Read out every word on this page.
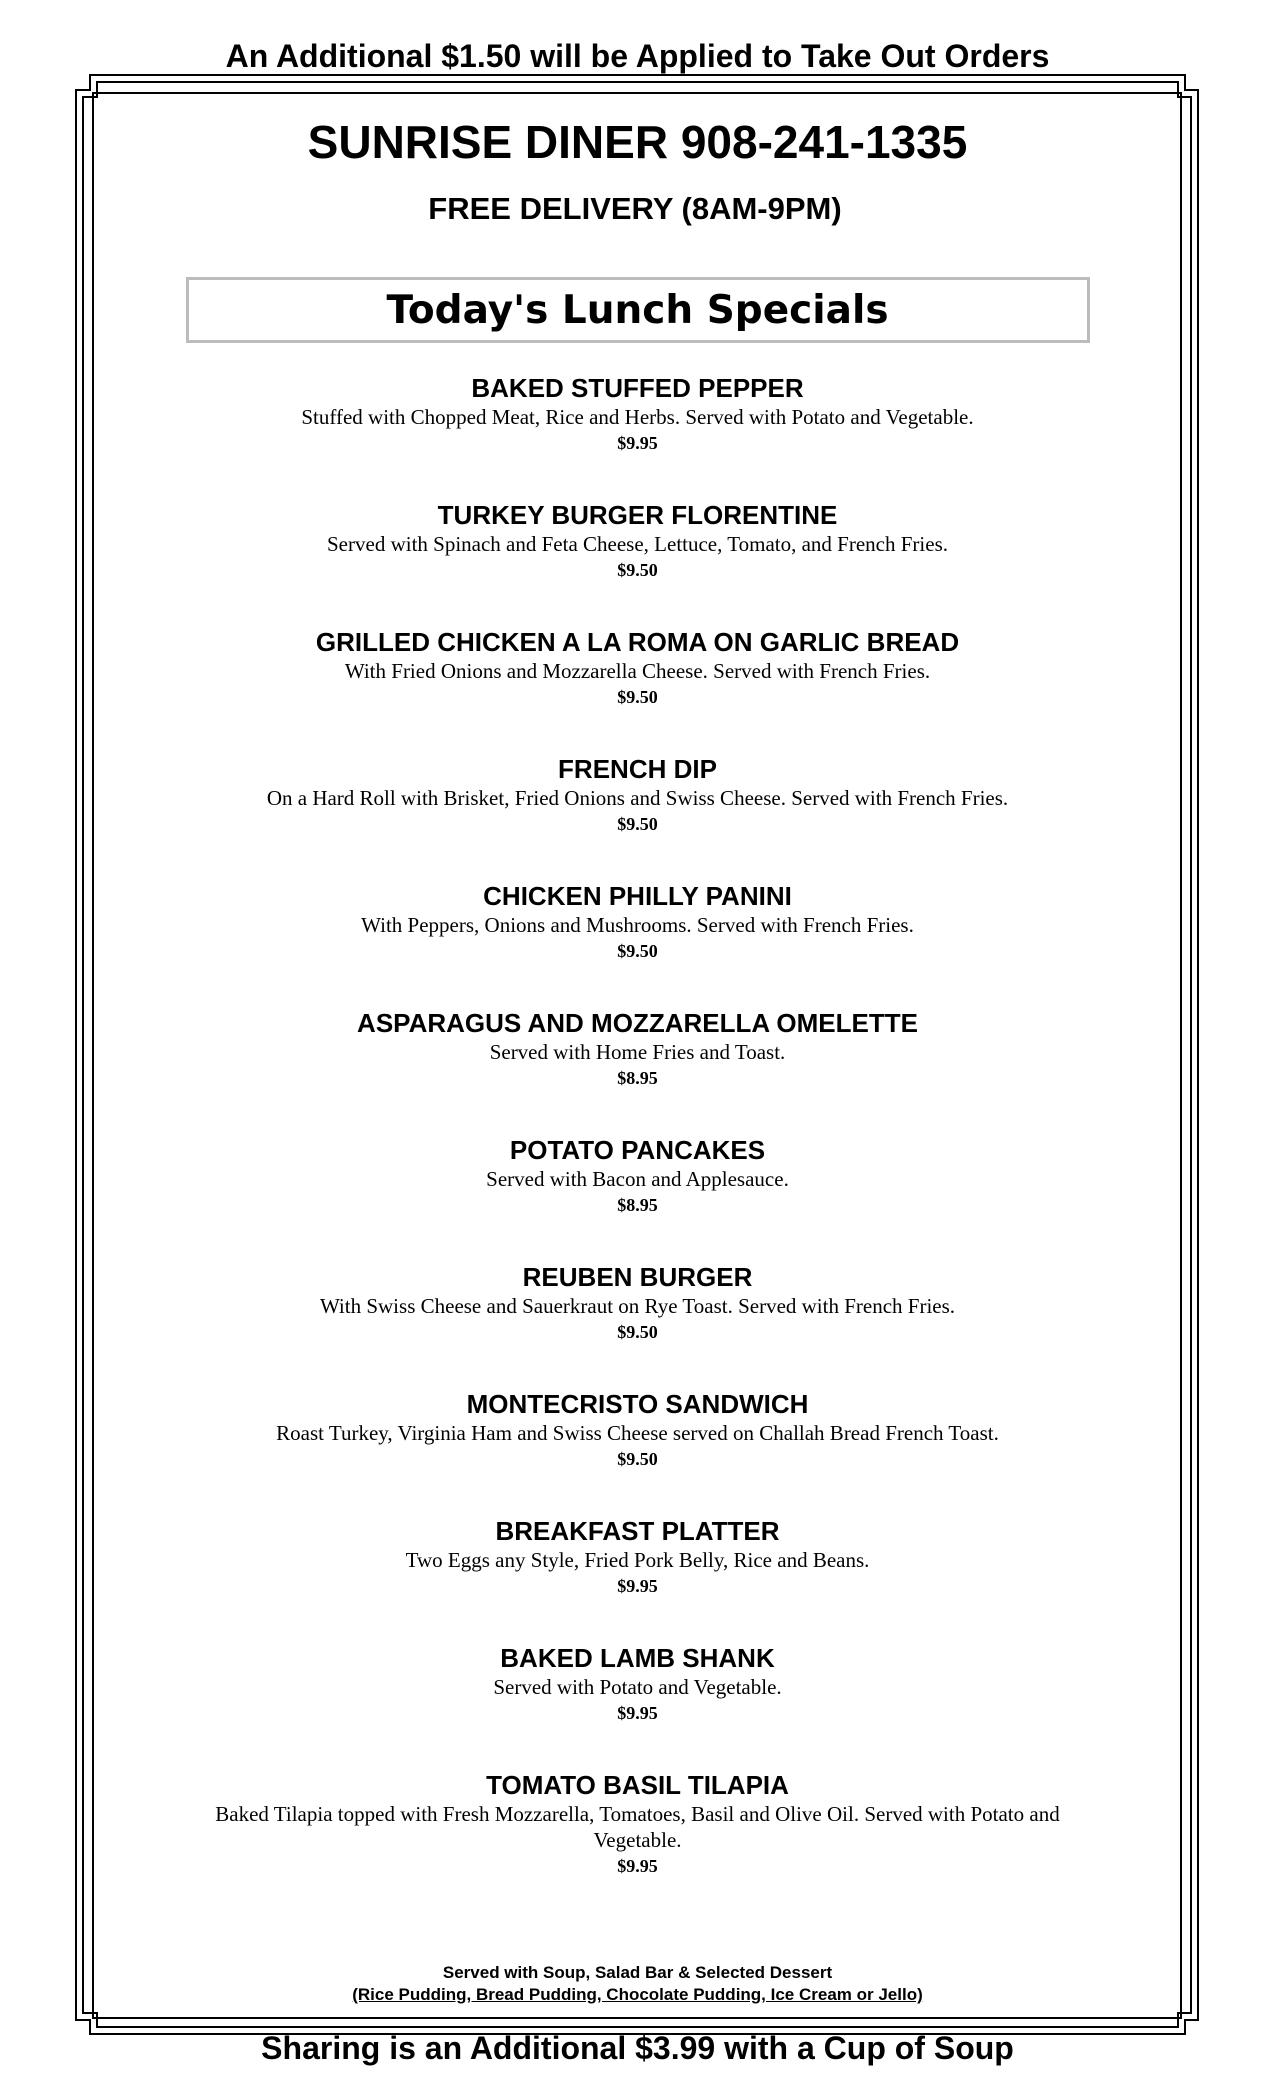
An Additional $1.50 will be Applied to Take Out Orders
SUNRISE DINER 908-241-1335
FREE DELIVERY (8AM-9PM)
Today's Lunch Specials
BAKED STUFFED PEPPER
Stuffed with Chopped Meat, Rice and Herbs. Served with Potato and Vegetable.
$9.95
TURKEY BURGER FLORENTINE
Served with Spinach and Feta Cheese, Lettuce, Tomato, and French Fries.
$9.50
GRILLED CHICKEN A LA ROMA ON GARLIC BREAD
With Fried Onions and Mozzarella Cheese. Served with French Fries.
$9.50
FRENCH DIP
On a Hard Roll with Brisket, Fried Onions and Swiss Cheese. Served with French Fries.
$9.50
CHICKEN PHILLY PANINI
With Peppers, Onions and Mushrooms. Served with French Fries.
$9.50
ASPARAGUS AND MOZZARELLA OMELETTE
Served with Home Fries and Toast.
$8.95
POTATO PANCAKES
Served with Bacon and Applesauce.
$8.95
REUBEN BURGER
With Swiss Cheese and Sauerkraut on Rye Toast. Served with French Fries.
$9.50
MONTECRISTO SANDWICH
Roast Turkey, Virginia Ham and Swiss Cheese served on Challah Bread French Toast.
$9.50
BREAKFAST PLATTER
Two Eggs any Style, Fried Pork Belly, Rice and Beans.
$9.95
BAKED LAMB SHANK
Served with Potato and Vegetable.
$9.95
TOMATO BASIL TILAPIA
Baked Tilapia topped with Fresh Mozzarella, Tomatoes, Basil and Olive Oil. Served with Potato and Vegetable.
$9.95
Served with Soup, Salad Bar & Selected Dessert
(Rice Pudding, Bread Pudding, Chocolate Pudding, Ice Cream or Jello)
Sharing is an Additional $3.99 with a Cup of Soup
